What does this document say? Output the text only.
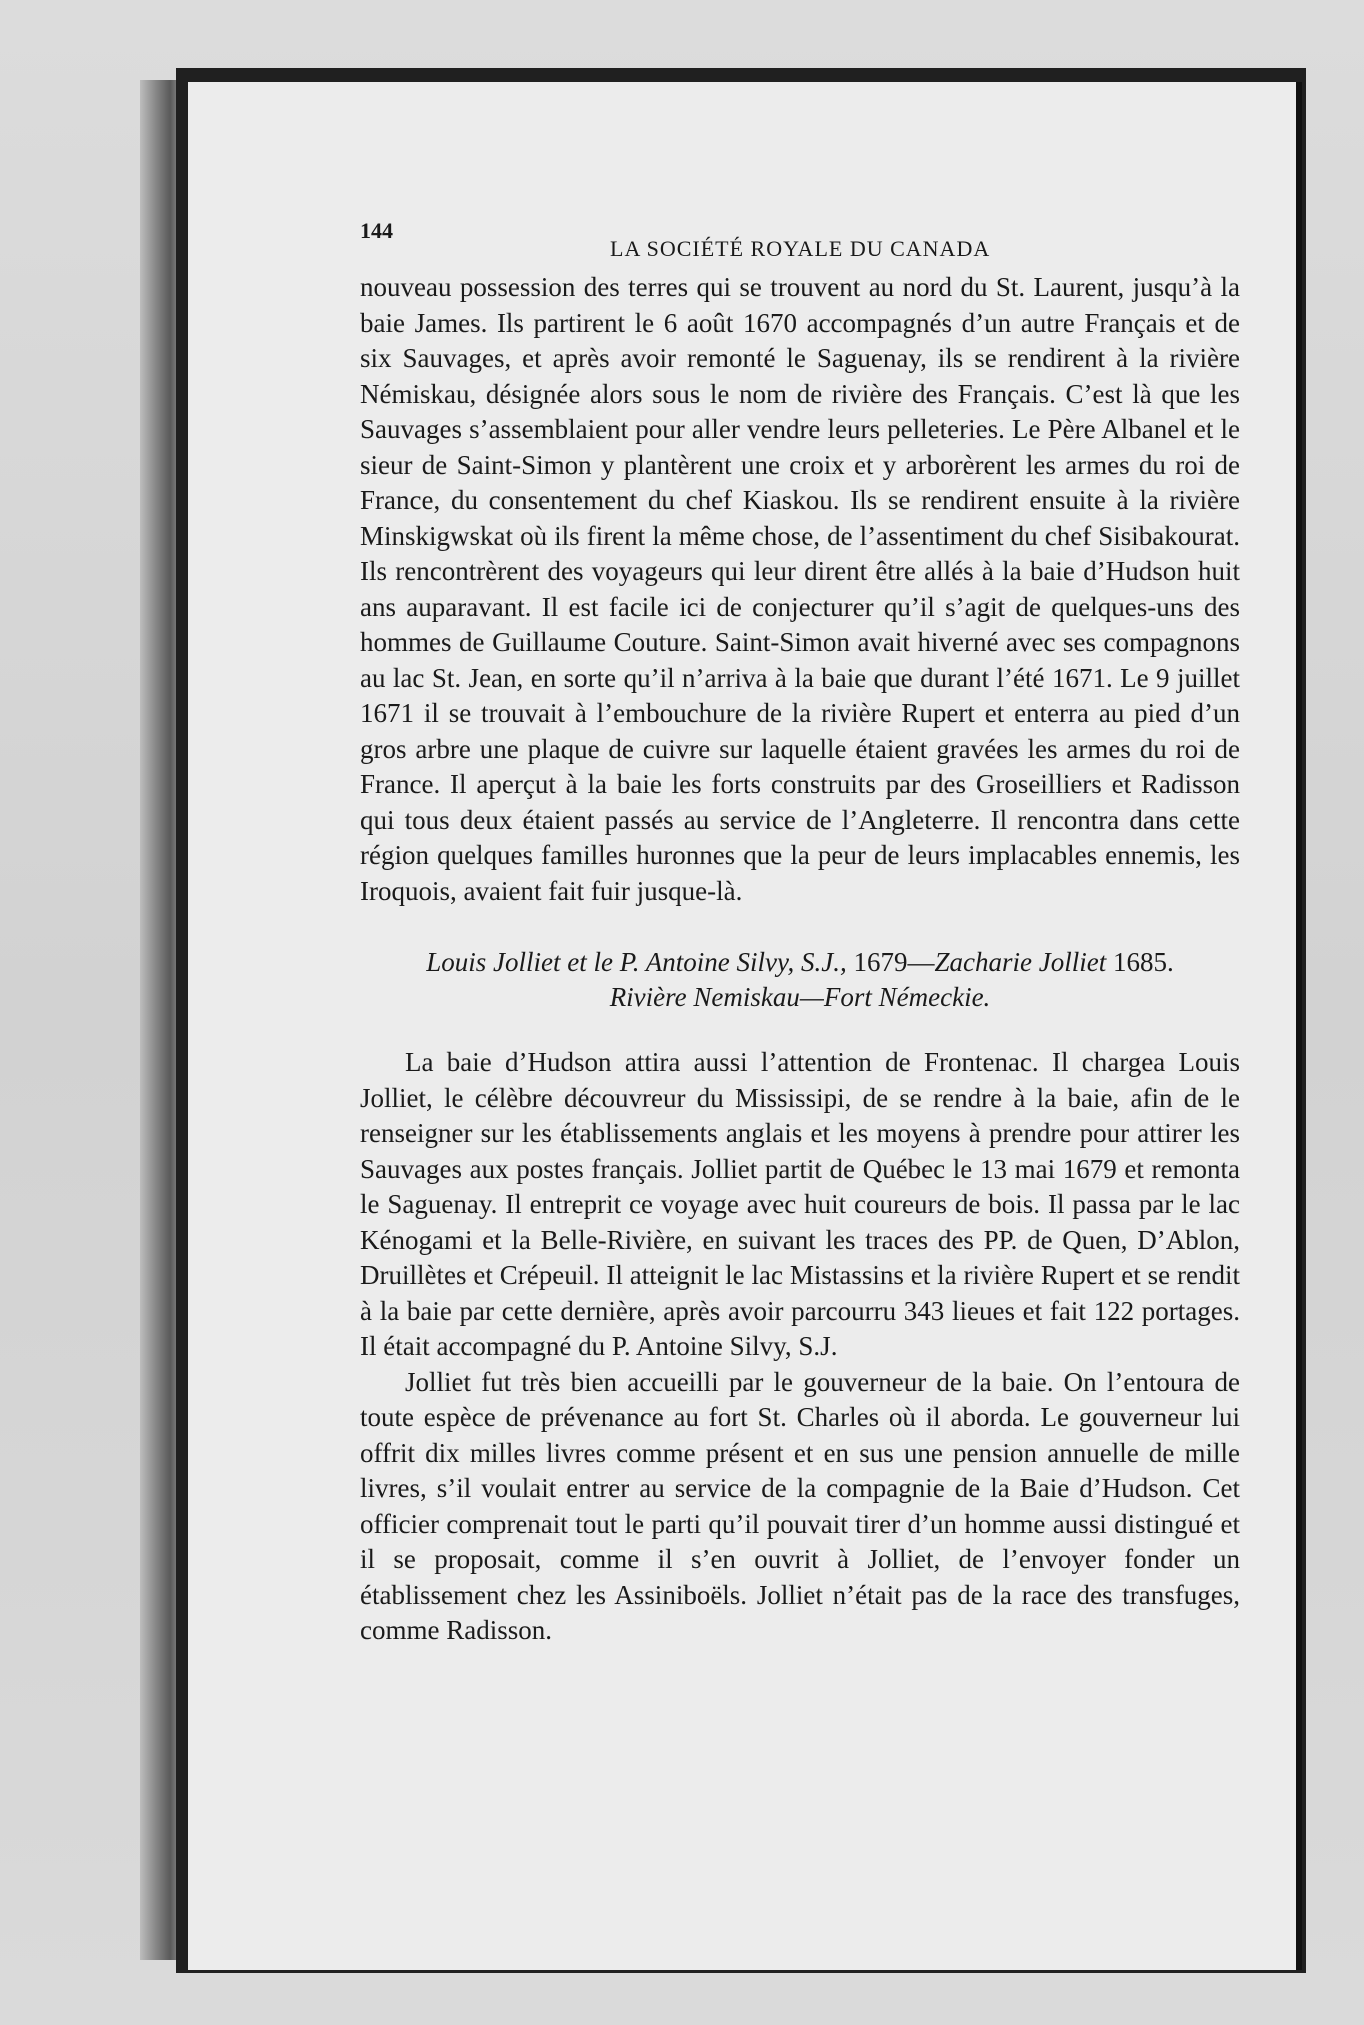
144
LA SOCIÉTÉ ROYALE DU CANADA

nouveau possession des terres qui se trouvent au nord du St. Laurent, jusqu’à la baie James. Ils partirent le 6 août 1670 accompagnés d’un autre Français et de six Sauvages, et après avoir remonté le Saguenay, ils se rendirent à la rivière Némiskau, désignée alors sous le nom de rivière des Français. C’est là que les Sauvages s’assemblaient pour aller vendre leurs pelleteries. Le Père Albanel et le sieur de Saint-Simon y plantèrent une croix et y arborèrent les armes du roi de France, du consentement du chef Kiaskou. Ils se rendirent ensuite à la rivière Minskigwskat où ils firent la même chose, de l’assentiment du chef Sisibakourat. Ils rencontrèrent des voyageurs qui leur dirent être allés à la baie d’Hudson huit ans auparavant. Il est facile ici de conjecturer qu’il s’agit de quelques-uns des hommes de Guillaume Couture. Saint-Simon avait hiverné avec ses compagnons au lac St. Jean, en sorte qu’il n’arriva à la baie que durant l’été 1671. Le 9 juillet 1671 il se trouvait à l’embouchure de la rivière Rupert et enterra au pied d’un gros arbre une plaque de cuivre sur laquelle étaient gravées les armes du roi de France. Il aperçut à la baie les forts construits par des Groseilliers et Radisson qui tous deux étaient passés au service de l’Angleterre. Il rencontra dans cette région quelques familles huronnes que la peur de leurs implacables ennemis, les Iroquois, avaient fait fuir jusque-là.

Louis Jolliet et le P. Antoine Silvy, S.J., 1679—Zacharie Jolliet 1685.
Rivière Nemiskau—Fort Némeckie.

La baie d’Hudson attira aussi l’attention de Frontenac. Il chargea Louis Jolliet, le célèbre découvreur du Mississipi, de se rendre à la baie, afin de le renseigner sur les établissements anglais et les moyens à prendre pour attirer les Sauvages aux postes français. Jolliet partit de Québec le 13 mai 1679 et remonta le Saguenay. Il entreprit ce voyage avec huit coureurs de bois. Il passa par le lac Kénogami et la Belle-Rivière, en suivant les traces des PP. de Quen, D’Ablon, Druillètes et Crépeuil. Il atteignit le lac Mistassins et la rivière Rupert et se rendit à la baie par cette dernière, après avoir parcourru 343 lieues et fait 122 portages. Il était accompagné du P. Antoine Silvy, S.J.

Jolliet fut très bien accueilli par le gouverneur de la baie. On l’entoura de toute espèce de prévenance au fort St. Charles où il aborda. Le gouverneur lui offrit dix milles livres comme présent et en sus une pension annuelle de mille livres, s’il voulait entrer au service de la compagnie de la Baie d’Hudson. Cet officier comprenait tout le parti qu’il pouvait tirer d’un homme aussi distingué et il se proposait, comme il s’en ouvrit à Jolliet, de l’envoyer fonder un établissement chez les Assiniboëls. Jolliet n’était pas de la race des transfuges, comme Radisson.
